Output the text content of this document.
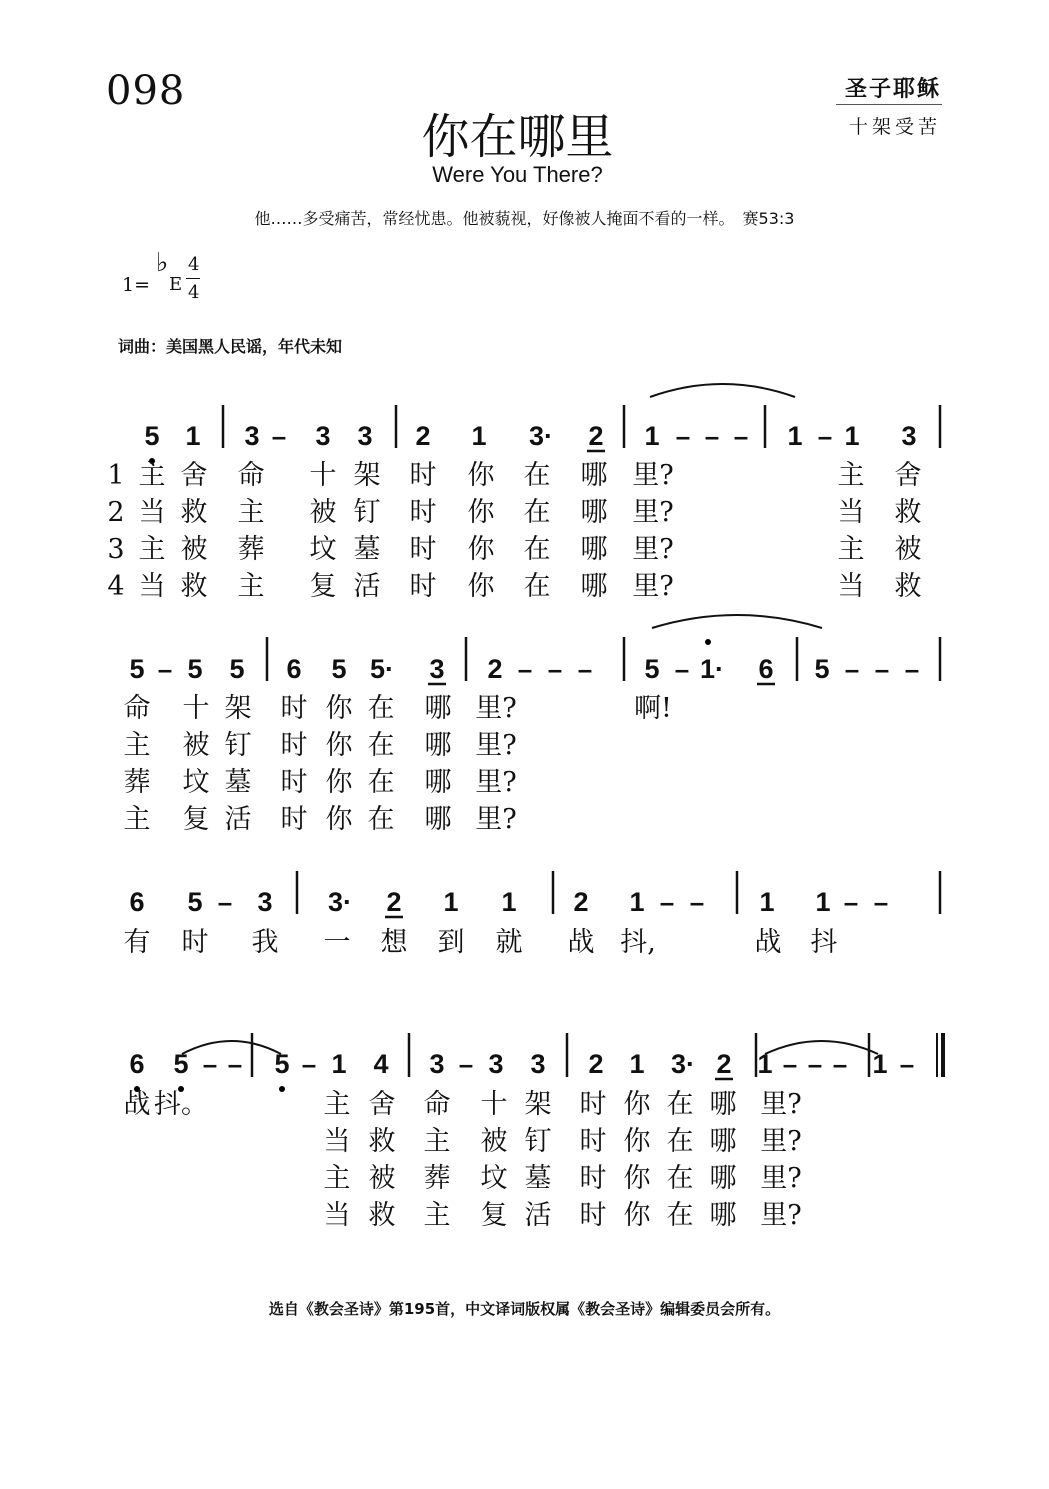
098
你在哪里
Were You There?
圣子耶稣
十架受苦
他……多受痛苦，常经忧患。他被藐视，好像被人掩面不看的一样。　赛53:3
1=
♭
E
4
4
词曲：美国黑人民谣，年代未知
5 1 3 – 3 3 2 1 3· 2 1 – – – 1 – 1 3
1 主 舍 命 十 架 时 你 在 哪 里?	主 舍
2 当 救 主 被 钉 时 你 在 哪 里?	当 救
3 主 被 葬 坟 墓 时 你 在 哪 里?	主 被
4 当 救 主 复 活 时 你 在 哪 里?	当 救
5 – 5 5 6 5 5· 3 2 – – – 5 – 1· 6 5 – – –
命 十 架 时 你 在 哪 里?	啊!
主 被 钉 时 你 在 哪 里?
葬 坟 墓 时 你 在 哪 里?
主 复 活 时 你 在 哪 里?
6 5 – 3 3· 2 1 1 2 1 – – 1 1 – –
有 时 我 一 想 到 就 战 抖,	战 抖
6 5 – – 5 – 1 4 3 – 3 3 2 1 3· 2 1 – – – 1 –
战 抖。	主 舍 命 十 架 时 你 在 哪 里?
当 救 主 被 钉 时 你 在 哪 里?
主 被 葬 坟 墓 时 你 在 哪 里?
当 救 主 复 活 时 你 在 哪 里?
选自《教会圣诗》第195首，中文译词版权属《教会圣诗》编辑委员会所有。
